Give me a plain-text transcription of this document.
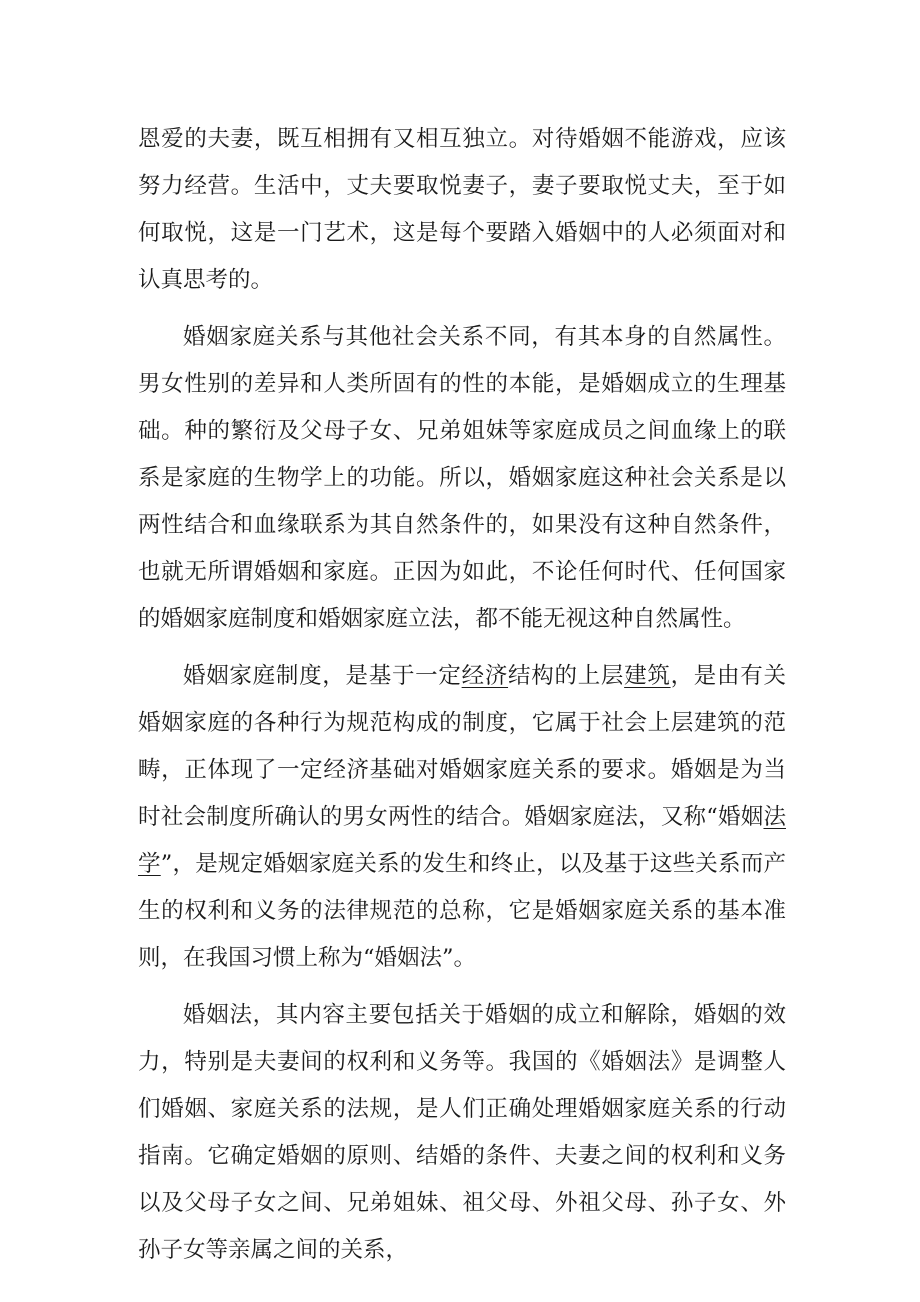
恩爱的夫妻，既互相拥有又相互独立。对待婚姻不能游戏，应该努力经营。生活中，丈夫要取悦妻子，妻子要取悦丈夫，至于如何取悦，这是一门艺术，这是每个要踏入婚姻中的人必须面对和认真思考的。

婚姻家庭关系与其他社会关系不同，有其本身的自然属性。男女性别的差异和人类所固有的性的本能，是婚姻成立的生理基础。种的繁衍及父母子女、兄弟姐妹等家庭成员之间血缘上的联系是家庭的生物学上的功能。所以，婚姻家庭这种社会关系是以两性结合和血缘联系为其自然条件的，如果没有这种自然条件，也就无所谓婚姻和家庭。正因为如此，不论任何时代、任何国家的婚姻家庭制度和婚姻家庭立法，都不能无视这种自然属性。

婚姻家庭制度，是基于一定经济结构的上层建筑，是由有关婚姻家庭的各种行为规范构成的制度，它属于社会上层建筑的范畴，正体现了一定经济基础对婚姻家庭关系的要求。婚姻是为当时社会制度所确认的男女两性的结合。婚姻家庭法，又称“婚姻法学”，是规定婚姻家庭关系的发生和终止，以及基于这些关系而产生的权利和义务的法律规范的总称，它是婚姻家庭关系的基本准则，在我国习惯上称为“婚姻法”。

婚姻法，其内容主要包括关于婚姻的成立和解除，婚姻的效力，特别是夫妻间的权利和义务等。我国的《婚姻法》是调整人们婚姻、家庭关系的法规，是人们正确处理婚姻家庭关系的行动指南。它确定婚姻的原则、结婚的条件、夫妻之间的权利和义务以及父母子女之间、兄弟姐妹、祖父母、外祖父母、孙子女、外孙子女等亲属之间的关系，
